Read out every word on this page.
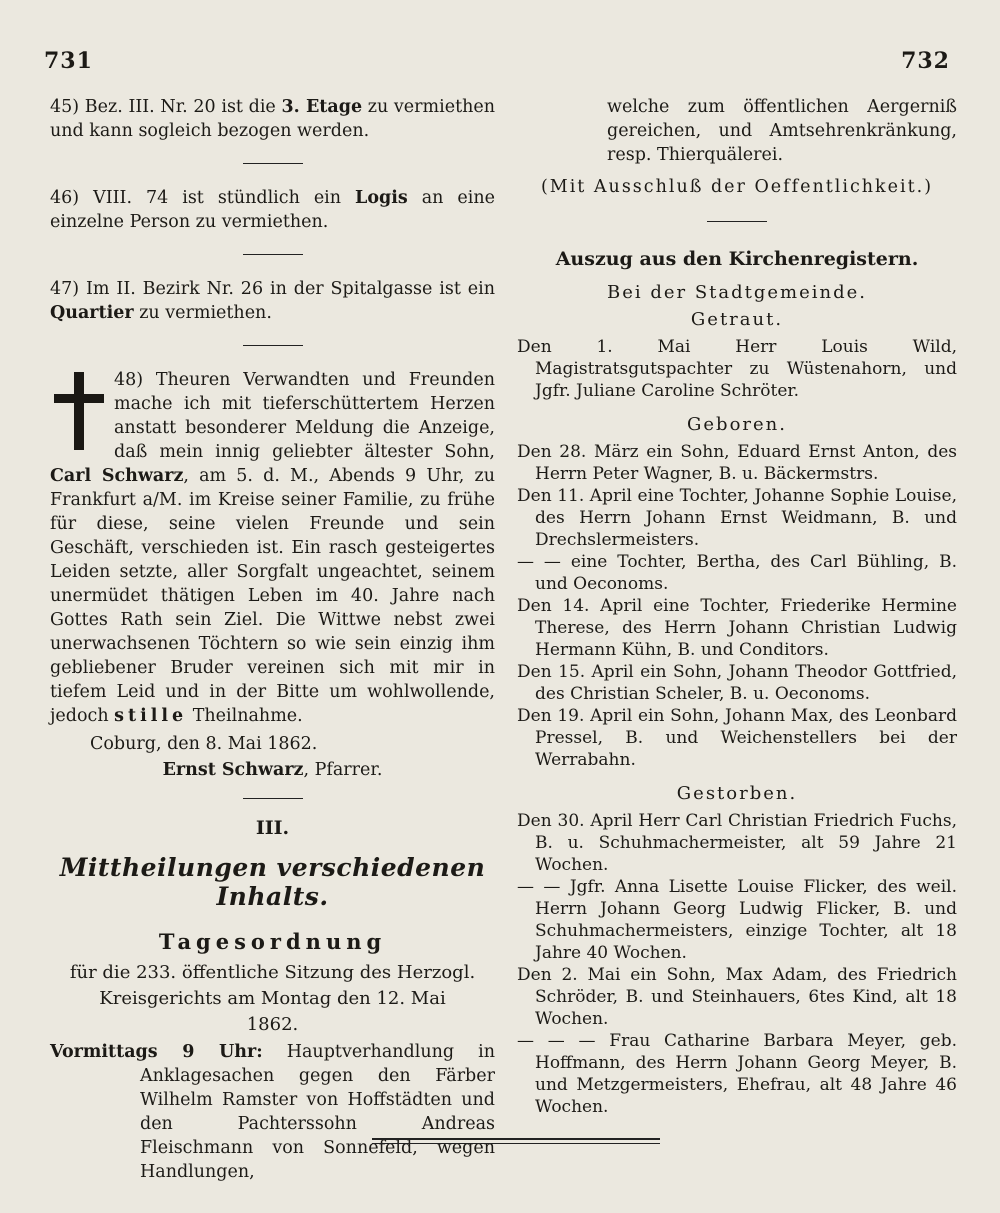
731	732

45) Bez. III. Nr. 20 ist die 3. Etage zu vermiethen und kann sogleich bezogen werden.

46) VIII. 74 ist stündlich ein Logis an eine einzelne Person zu vermiethen.

47) Im II. Bezirk Nr. 26 in der Spitalgasse ist ein Quartier zu vermiethen.

48) Theuren Verwandten und Freunden mache ich mit tieferschüttertem Herzen anstatt besonderer Meldung die Anzeige, daß mein innig geliebter ältester Sohn, Carl Schwarz, am 5. d. M., Abends 9 Uhr, zu Frankfurt a/M. im Kreise seiner Familie, zu frühe für diese, seine vielen Freunde und sein Geschäft, verschieden ist. Ein rasch gesteigertes Leiden setzte, aller Sorgfalt ungeachtet, seinem unermüdet thätigen Leben im 40. Jahre nach Gottes Rath sein Ziel. Die Wittwe nebst zwei unerwachsenen Töchtern so wie sein einzig ihm gebliebener Bruder vereinen sich mit mir in tiefem Leid und in der Bitte um wohlwollende, jedoch stille Theilnahme.

Coburg, den 8. Mai 1862.

Ernst Schwarz, Pfarrer.

III.
Mittheilungen verschiedenen Inhalts.
Tagesordnung

für die 233. öffentliche Sitzung des Herzogl.

Kreisgerichts am Montag den 12. Mai

1862.

Vormittags 9 Uhr: Hauptverhandlung in Anklagesachen gegen den Färber Wilhelm Ramster von Hoffstädten und den Pachterssohn Andreas Fleischmann von Sonnefeld, wegen Handlungen,

welche zum öffentlichen Aergerniß gereichen, und Amtsehrenkränkung, resp. Thierquälerei.

(Mit Ausschluß der Oeffentlichkeit.)

Auszug aus den Kirchenregistern.
Bei der Stadtgemeinde.
Getraut.

Den 1. Mai Herr Louis Wild, Magistratsgutspachter zu Wüstenahorn, und Jgfr. Juliane Caroline Schröter.

Geboren.

Den 28. März ein Sohn, Eduard Ernst Anton, des Herrn Peter Wagner, B. u. Bäckermstrs.

Den 11. April eine Tochter, Johanne Sophie Louise, des Herrn Johann Ernst Weidmann, B. und Drechslermeisters.

— — eine Tochter, Bertha, des Carl Bühling, B. und Oeconoms.

Den 14. April eine Tochter, Friederike Hermine Therese, des Herrn Johann Christian Ludwig Hermann Kühn, B. und Conditors.

Den 15. April ein Sohn, Johann Theodor Gottfried, des Christian Scheler, B. u. Oeconoms.

Den 19. April ein Sohn, Johann Max, des Leonbard Pressel, B. und Weichenstellers bei der Werrabahn.

Gestorben.

Den 30. April Herr Carl Christian Friedrich Fuchs, B. u. Schuhmachermeister, alt 59 Jahre 21 Wochen.

— — Jgfr. Anna Lisette Louise Flicker, des weil. Herrn Johann Georg Ludwig Flicker, B. und Schuhmachermeisters, einzige Tochter, alt 18 Jahre 40 Wochen.

Den 2. Mai ein Sohn, Max Adam, des Friedrich Schröder, B. und Steinhauers, 6tes Kind, alt 18 Wochen.

— — — Frau Catharine Barbara Meyer, geb. Hoffmann, des Herrn Johann Georg Meyer, B. und Metzgermeisters, Ehefrau, alt 48 Jahre 46 Wochen.
